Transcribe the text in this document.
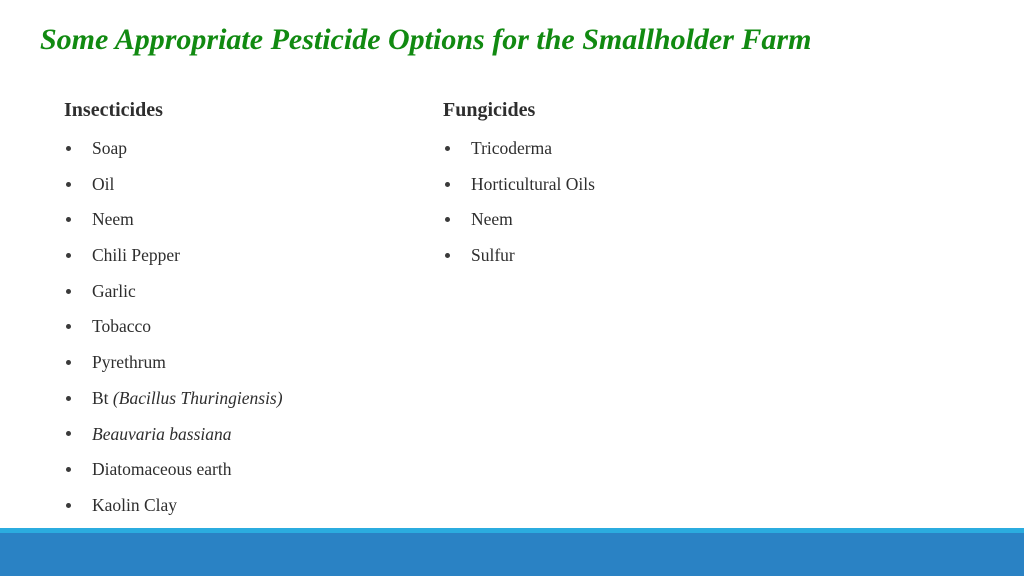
Some Appropriate Pesticide Options for the Smallholder Farm
Insecticides
Soap
Oil
Neem
Chili Pepper
Garlic
Tobacco
Pyrethrum
Bt (Bacillus Thuringiensis)
Beauvaria bassiana
Diatomaceous earth
Kaolin Clay
Fungicides
Tricoderma
Horticultural Oils
Neem
Sulfur
